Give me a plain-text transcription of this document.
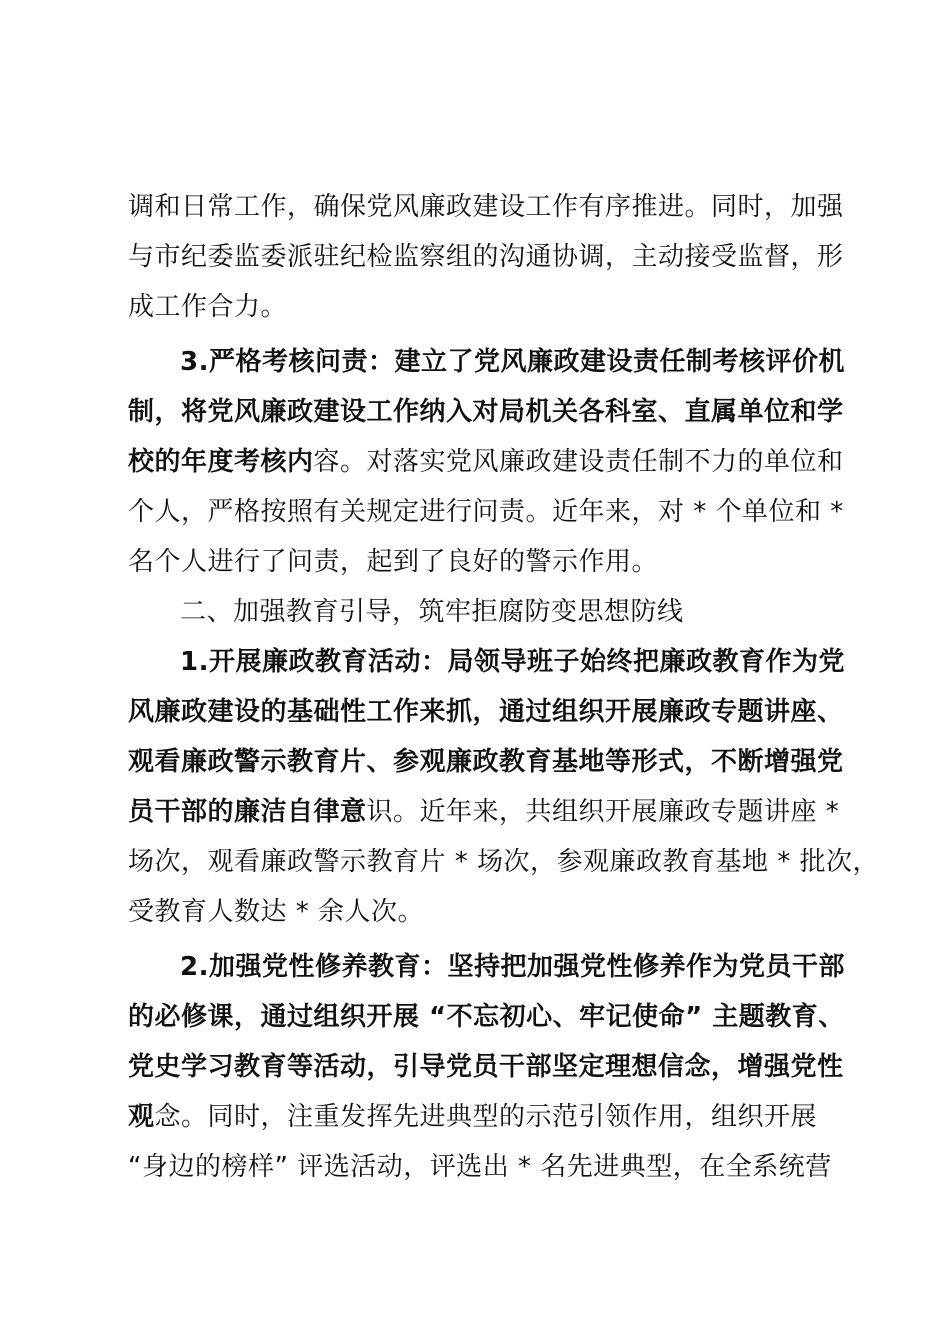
调和日常工作，确保党风廉政建设工作有序推进。同时，加强
与市纪委监委派驻纪检监察组的沟通协调，主动接受监督，形
成工作合力。
3.严格考核问责：建立了党风廉政建设责任制考核评价机
制，将党风廉政建设工作纳入对局机关各科室、直属单位和学
校的年度考核内容。对落实党风廉政建设责任制不力的单位和
个人，严格按照有关规定进行问责。近年来，对 * 个单位和 *
名个人进行了问责，起到了良好的警示作用。
二、加强教育引导，筑牢拒腐防变思想防线
1.开展廉政教育活动：局领导班子始终把廉政教育作为党
风廉政建设的基础性工作来抓，通过组织开展廉政专题讲座、
观看廉政警示教育片、参观廉政教育基地等形式，不断增强党
员干部的廉洁自律意识。近年来，共组织开展廉政专题讲座 *
场次，观看廉政警示教育片 * 场次，参观廉政教育基地 * 批次，
受教育人数达 * 余人次。
2.加强党性修养教育：坚持把加强党性修养作为党员干部
的必修课，通过组织开展 “不忘初心、牢记使命” 主题教育、
党史学习教育等活动，引导党员干部坚定理想信念，增强党性
观念。同时，注重发挥先进典型的示范引领作用，组织开展
“身边的榜样” 评选活动，评选出 * 名先进典型，在全系统营
